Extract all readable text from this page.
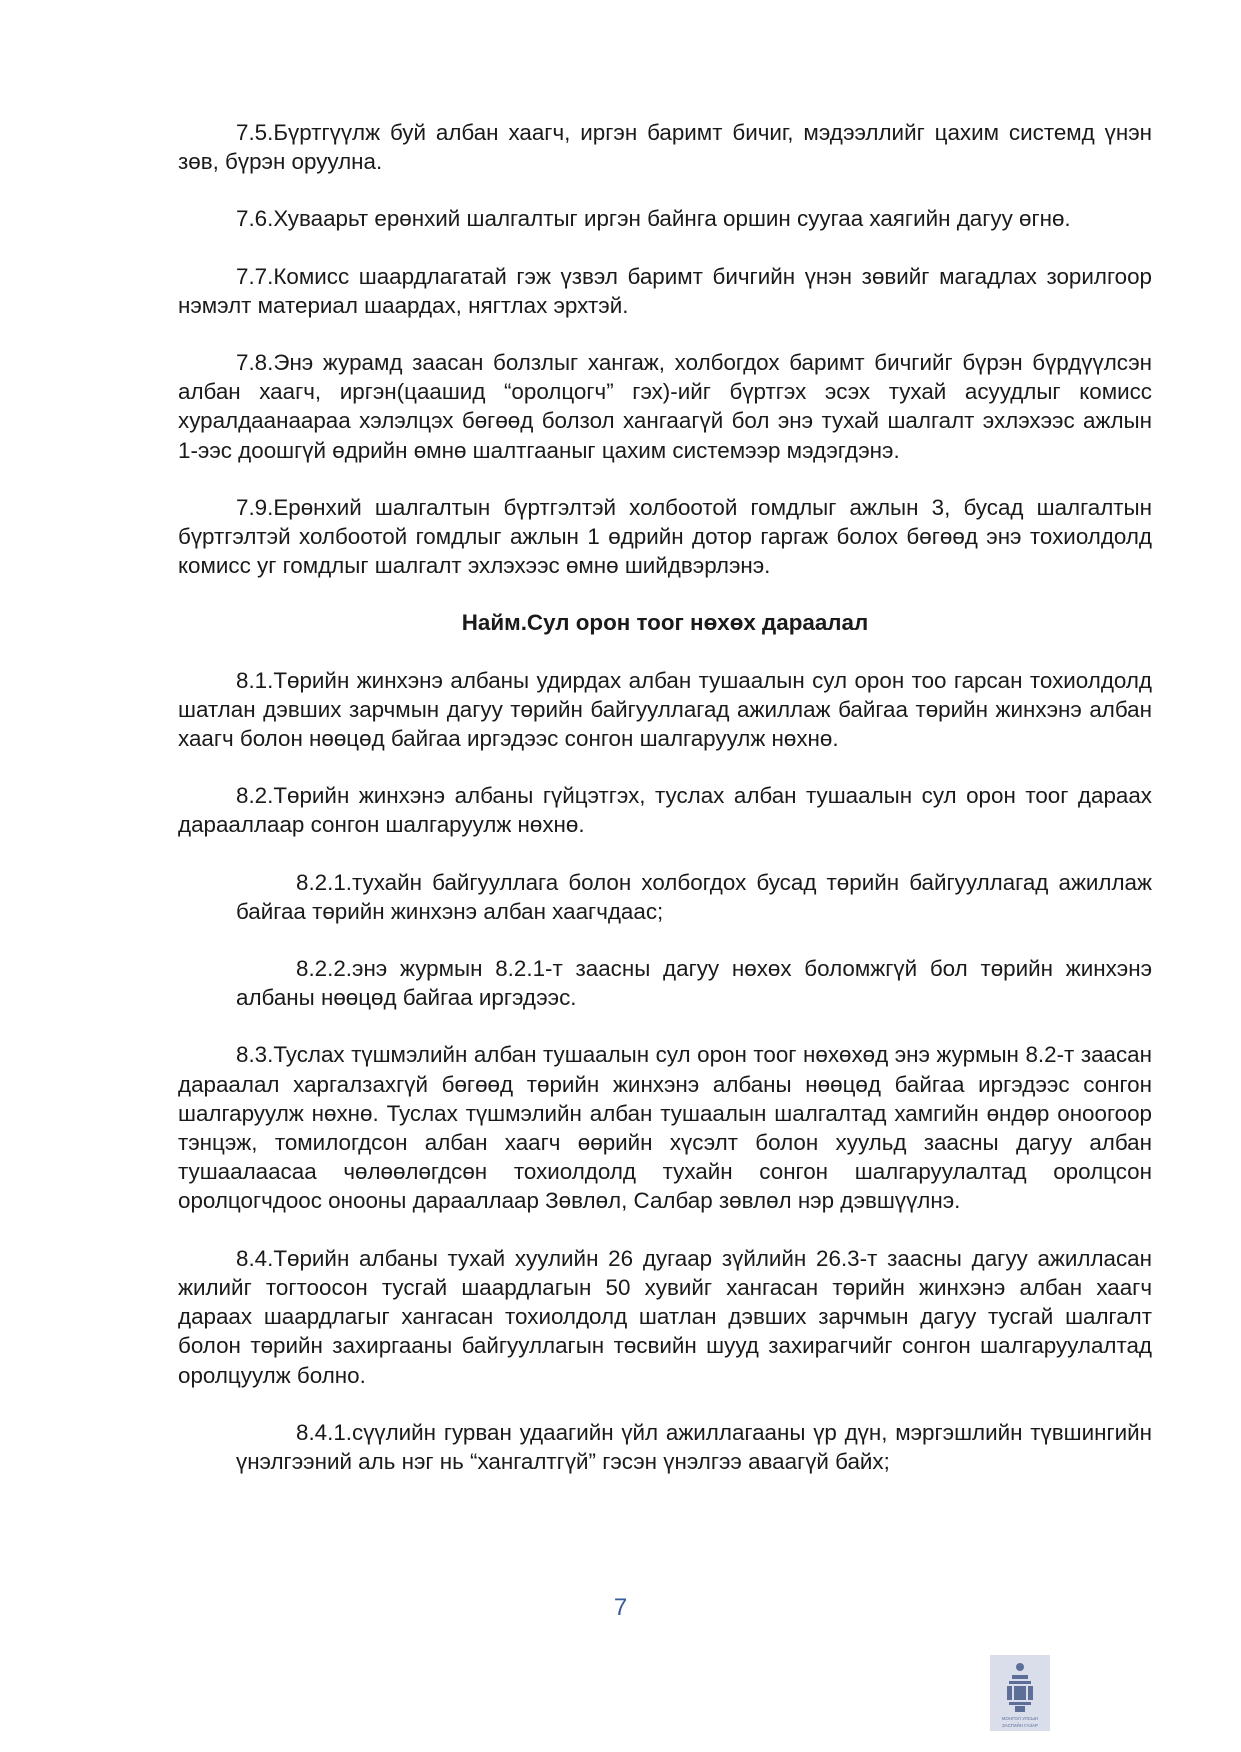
7.5.Бүртгүүлж буй албан хаагч, иргэн баримт бичиг, мэдээллийг цахим системд үнэн зөв, бүрэн оруулна.

7.6.Хуваарьт ерөнхий шалгалтыг иргэн байнга оршин суугаа хаягийн дагуу өгнө.

7.7.Комисс шаардлагатай гэж үзвэл баримт бичгийн үнэн зөвийг магадлах зорилгоор нэмэлт материал шаардах, нягтлах эрхтэй.

7.8.Энэ журамд заасан болзлыг хангаж, холбогдох баримт бичгийг бүрэн бүрдүүлсэн албан хаагч, иргэн(цаашид “оролцогч” гэх)-ийг бүртгэх эсэх тухай асуудлыг комисс хуралдаанаараа хэлэлцэх бөгөөд болзол хангаагүй бол энэ тухай шалгалт эхлэхээс ажлын 1-ээс доошгүй өдрийн өмнө шалтгааныг цахим системээр мэдэгдэнэ.

7.9.Ерөнхий шалгалтын бүртгэлтэй холбоотой гомдлыг ажлын 3, бусад шалгалтын бүртгэлтэй холбоотой гомдлыг ажлын 1 өдрийн дотор гаргаж болох бөгөөд энэ тохиолдолд комисс уг гомдлыг шалгалт эхлэхээс өмнө шийдвэрлэнэ.

Найм.Сул орон тоог нөхөх дараалал

8.1.Төрийн жинхэнэ албаны удирдах албан тушаалын сул орон тоо гарсан тохиолдолд шатлан дэвших зарчмын дагуу төрийн байгууллагад ажиллаж байгаа төрийн жинхэнэ албан хаагч болон нөөцөд байгаа иргэдээс сонгон шалгаруулж нөхнө.

8.2.Төрийн жинхэнэ албаны гүйцэтгэх, туслах албан тушаалын сул орон тоог дараах дарааллаар сонгон шалгаруулж нөхнө.

8.2.1.тухайн байгууллага болон холбогдох бусад төрийн байгууллагад ажиллаж байгаа төрийн жинхэнэ албан хаагчдаас;

8.2.2.энэ журмын 8.2.1-т заасны дагуу нөхөх боломжгүй бол төрийн жинхэнэ албаны нөөцөд байгаа иргэдээс.

8.3.Туслах түшмэлийн албан тушаалын сул орон тоог нөхөхөд энэ журмын 8.2-т заасан дараалал харгалзахгүй бөгөөд төрийн жинхэнэ албаны нөөцөд байгаа иргэдээс сонгон шалгаруулж нөхнө. Туслах түшмэлийн албан тушаалын шалгалтад хамгийн өндөр оноогоор тэнцэж, томилогдсон албан хаагч өөрийн хүсэлт болон хуульд заасны дагуу албан тушаалаасаа чөлөөлөгдсөн тохиолдолд тухайн сонгон шалгаруулалтад оролцсон оролцогчдоос онооны дарааллаар Зөвлөл, Салбар зөвлөл нэр дэвшүүлнэ.

8.4.Төрийн албаны тухай хуулийн 26 дугаар зүйлийн 26.3-т заасны дагуу ажилласан жилийг тогтоосон тусгай шаардлагын 50 хувийг хангасан төрийн жинхэнэ албан хаагч дараах шаардлагыг хангасан тохиолдолд шатлан дэвших зарчмын дагуу тусгай шалгалт болон төрийн захиргааны байгууллагын төсвийн шууд захирагчийг сонгон шалгаруулалтад оролцуулж болно.

8.4.1.сүүлийн гурван удаагийн үйл ажиллагааны үр дүн, мэргэшлийн түвшингийн үнэлгээний аль нэг нь “хангалтгүй” гэсэн үнэлгээ аваагүй байх;

7
МОНГОЛ УЛСЫН
ЗАСГИЙН ГАЗАР
